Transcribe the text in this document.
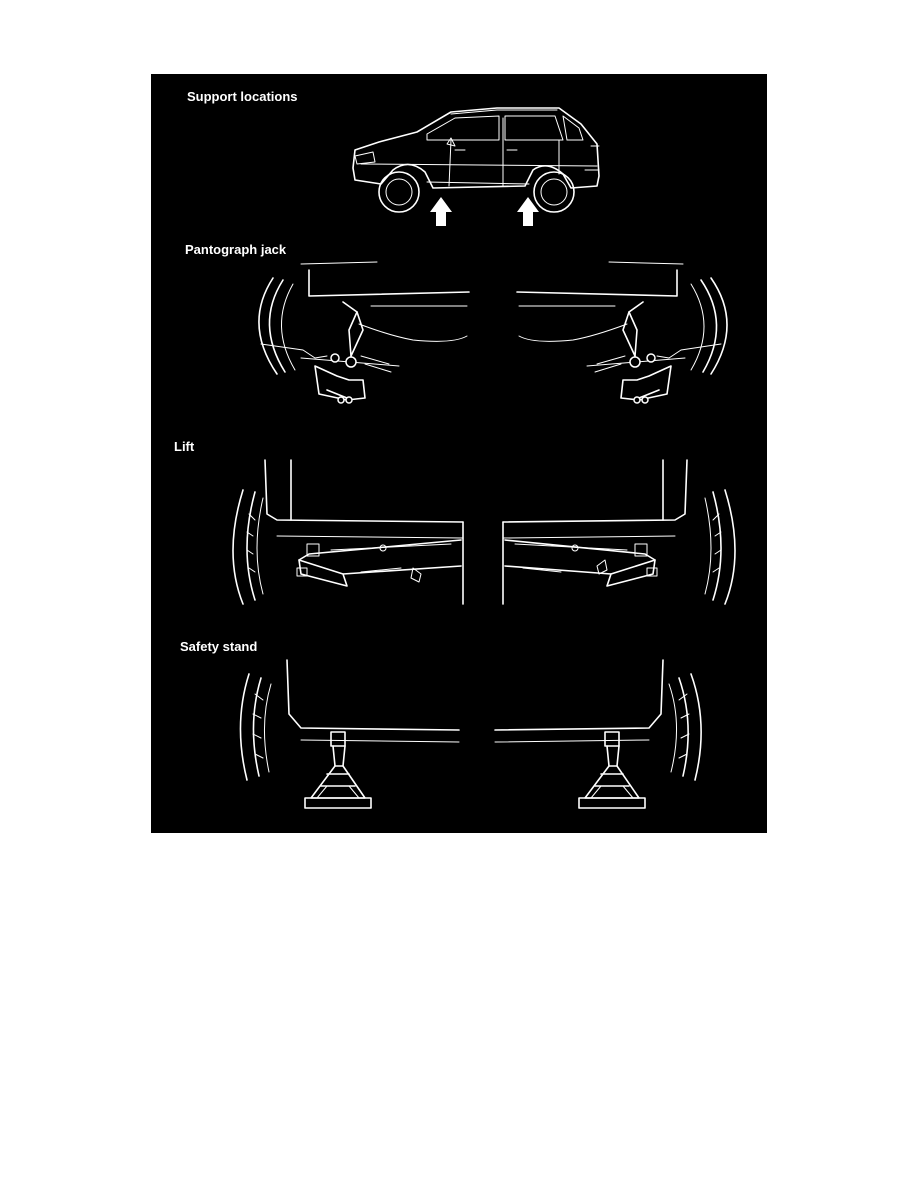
Support locations
Pantograph jack
Lift
Safety stand
